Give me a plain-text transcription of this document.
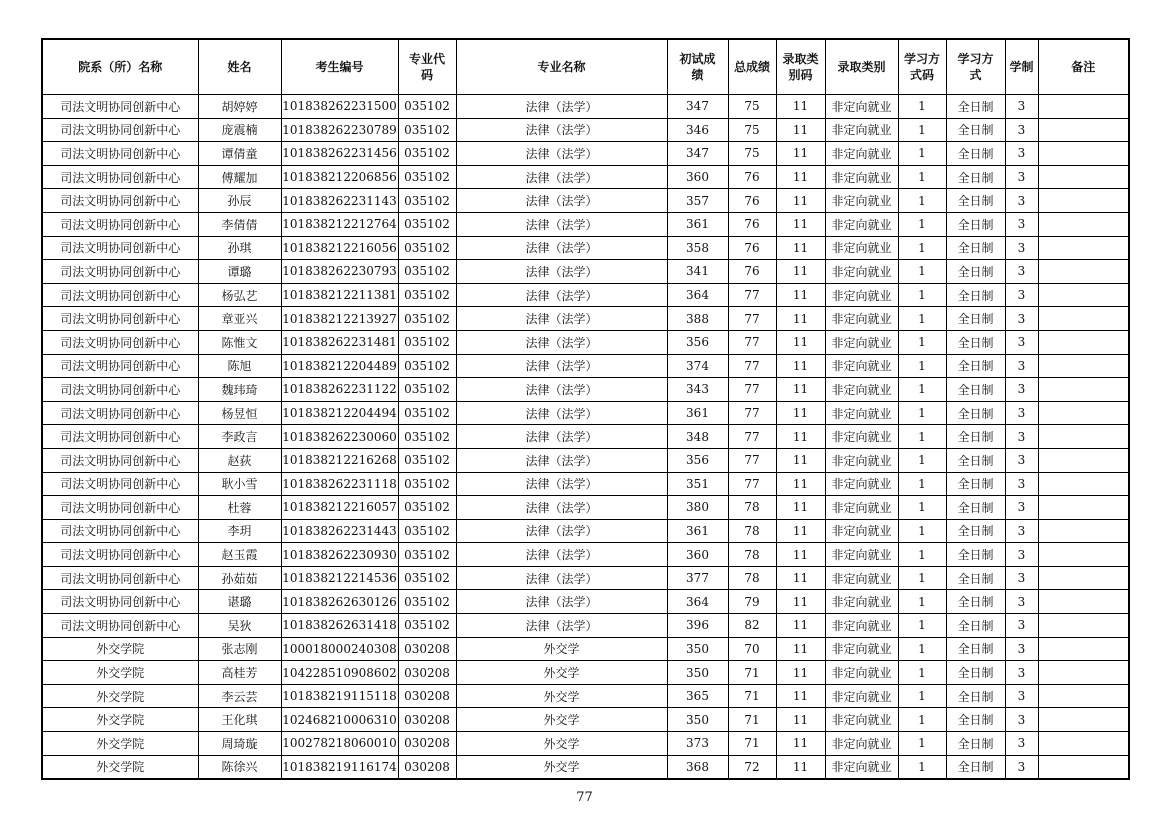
院系（所）名称	姓名	考生编号	专业代码	专业名称	初试成绩	总成绩	录取类别码	录取类别	学习方式码	学习方式	学制	备注
司法文明协同创新中心	胡婷婷	101838262231500	035102	法律（法学）	347	75	11	非定向就业	1	全日制	3	
司法文明协同创新中心	庞震楠	101838262230789	035102	法律（法学）	346	75	11	非定向就业	1	全日制	3	
司法文明协同创新中心	谭倩童	101838262231456	035102	法律（法学）	347	75	11	非定向就业	1	全日制	3	
司法文明协同创新中心	傅耀加	101838212206856	035102	法律（法学）	360	76	11	非定向就业	1	全日制	3	
司法文明协同创新中心	孙辰	101838262231143	035102	法律（法学）	357	76	11	非定向就业	1	全日制	3	
司法文明协同创新中心	李倩倩	101838212212764	035102	法律（法学）	361	76	11	非定向就业	1	全日制	3	
司法文明协同创新中心	孙琪	101838212216056	035102	法律（法学）	358	76	11	非定向就业	1	全日制	3	
司法文明协同创新中心	谭璐	101838262230793	035102	法律（法学）	341	76	11	非定向就业	1	全日制	3	
司法文明协同创新中心	杨弘艺	101838212211381	035102	法律（法学）	364	77	11	非定向就业	1	全日制	3	
司法文明协同创新中心	章亚兴	101838212213927	035102	法律（法学）	388	77	11	非定向就业	1	全日制	3	
司法文明协同创新中心	陈惟文	101838262231481	035102	法律（法学）	356	77	11	非定向就业	1	全日制	3	
司法文明协同创新中心	陈旭	101838212204489	035102	法律（法学）	374	77	11	非定向就业	1	全日制	3	
司法文明协同创新中心	魏玮琦	101838262231122	035102	法律（法学）	343	77	11	非定向就业	1	全日制	3	
司法文明协同创新中心	杨昱恒	101838212204494	035102	法律（法学）	361	77	11	非定向就业	1	全日制	3	
司法文明协同创新中心	李政言	101838262230060	035102	法律（法学）	348	77	11	非定向就业	1	全日制	3	
司法文明协同创新中心	赵荻	101838212216268	035102	法律（法学）	356	77	11	非定向就业	1	全日制	3	
司法文明协同创新中心	耿小雪	101838262231118	035102	法律（法学）	351	77	11	非定向就业	1	全日制	3	
司法文明协同创新中心	杜蓉	101838212216057	035102	法律（法学）	380	78	11	非定向就业	1	全日制	3	
司法文明协同创新中心	李玥	101838262231443	035102	法律（法学）	361	78	11	非定向就业	1	全日制	3	
司法文明协同创新中心	赵玉霞	101838262230930	035102	法律（法学）	360	78	11	非定向就业	1	全日制	3	
司法文明协同创新中心	孙茹茹	101838212214536	035102	法律（法学）	377	78	11	非定向就业	1	全日制	3	
司法文明协同创新中心	谌璐	101838262630126	035102	法律（法学）	364	79	11	非定向就业	1	全日制	3	
司法文明协同创新中心	吴狄	101838262631418	035102	法律（法学）	396	82	11	非定向就业	1	全日制	3	
外交学院	张志刚	100018000240308	030208	外交学	350	70	11	非定向就业	1	全日制	3	
外交学院	高桂芳	104228510908602	030208	外交学	350	71	11	非定向就业	1	全日制	3	
外交学院	李云芸	101838219115118	030208	外交学	365	71	11	非定向就业	1	全日制	3	
外交学院	王化琪	102468210006310	030208	外交学	350	71	11	非定向就业	1	全日制	3	
外交学院	周琦璇	100278218060010	030208	外交学	373	71	11	非定向就业	1	全日制	3	
外交学院	陈徐兴	101838219116174	030208	外交学	368	72	11	非定向就业	1	全日制	3	
77
